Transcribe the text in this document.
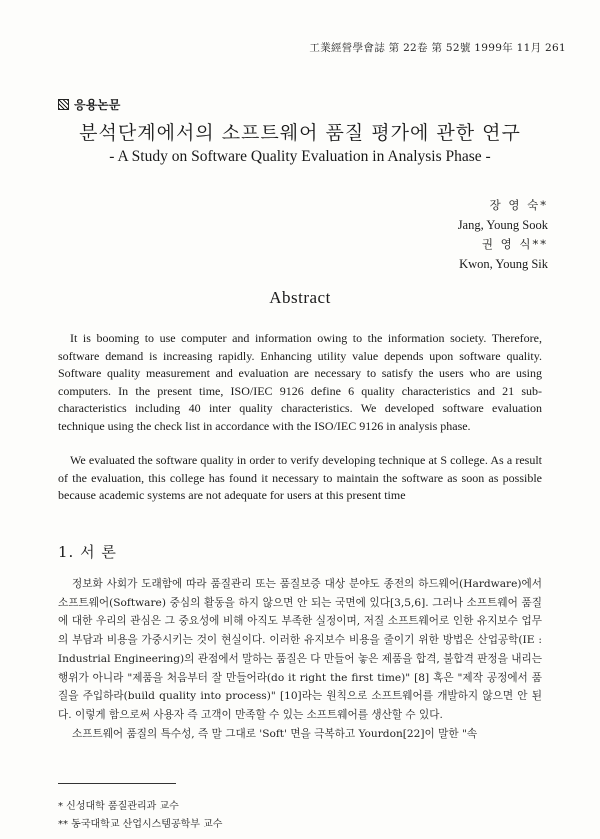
工業經營學會誌 第 22卷 第 52號 1999年 11月 261
응용논문
분석단계에서의 소프트웨어 품질 평가에 관한 연구
- A Study on Software Quality Evaluation in Analysis Phase -
장 영 숙*
Jang, Young Sook
권 영 식**
Kwon, Young Sik
Abstract
It is booming to use computer and information owing to the information society. Therefore, software demand is increasing rapidly. Enhancing utility value depends upon software quality. Software quality measurement and evaluation are necessary to satisfy the users who are using computers. In the present time, ISO/IEC 9126 define 6 quality characteristics and 21 sub-characteristics including 40 inter quality characteristics. We developed software evaluation technique using the check list in accordance with the ISO/IEC 9126 in analysis phase.
We evaluated the software quality in order to verify developing technique at S college. As a result of the evaluation, this college has found it necessary to maintain the software as soon as possible because academic systems are not adequate for users at this present time
1. 서 론
정보화 사회가 도래함에 따라 품질관리 또는 품질보증 대상 분야도 종전의 하드웨어(Hardware)에서 소프트웨어(Software) 중심의 활동을 하지 않으면 안 되는 국면에 있다[3,5,6]. 그러나 소프트웨어 품질에 대한 우리의 관심은 그 중요성에 비해 아직도 부족한 실정이며, 저질 소프트웨어로 인한 유지보수 업무의 부담과 비용을 가중시키는 것이 현실이다. 이러한 유지보수 비용을 줄이기 위한 방법은 산업공학(IE : Industrial Engineering)의 관점에서 말하는 품질은 다 만들어 놓은 제품을 합격, 불합격 판정을 내리는 행위가 아니라 "제품을 처음부터 잘 만들어라(do it right the first time)" [8] 혹은 "제작 공정에서 품질을 주입하라(build quality into process)" [10]라는 원칙으로 소프트웨어를 개발하지 않으면 안 된다. 이렇게 함으로써 사용자 즉 고객이 만족할 수 있는 소프트웨어를 생산할 수 있다.
소프트웨어 품질의 특수성, 즉 말 그대로 'Soft' 면을 극복하고 Yourdon[22]이 말한 "속
* 신성대학 품질관리과 교수
** 동국대학교 산업시스템공학부 교수
